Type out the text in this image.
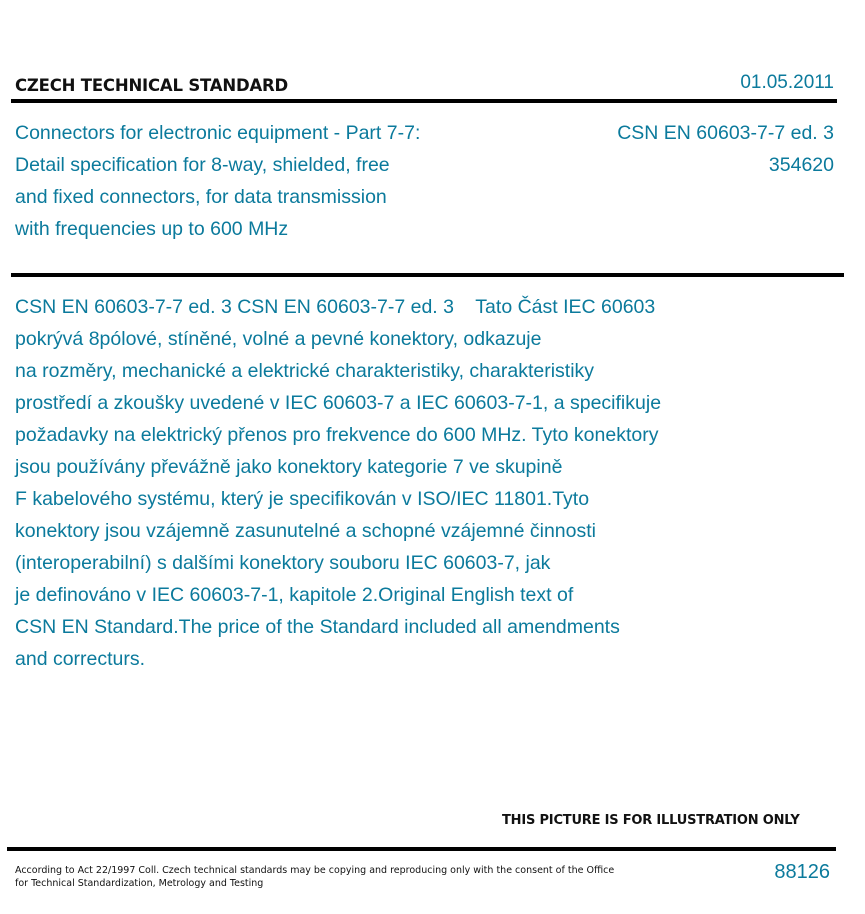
CZECH TECHNICAL STANDARD	01.05.2011
Connectors for electronic equipment - Part 7-7:
Detail specification for 8-way, shielded, free
and fixed connectors, for data transmission
with frequencies up to 600 MHz
CSN EN 60603-7-7 ed. 3
354620
CSN EN 60603-7-7 ed. 3 CSN EN 60603-7-7 ed. 3    Tato Část IEC 60603
pokrývá 8pólové, stíněné, volné a pevné konektory, odkazuje
na rozměry, mechanické a elektrické charakteristiky, charakteristiky
prostředí a zkoušky uvedené v IEC 60603-7 a IEC 60603-7-1, a specifikuje
požadavky na elektrický přenos pro frekvence do 600 MHz. Tyto konektory
jsou používány převážně jako konektory kategorie 7 ve skupině
F kabelového systému, který je specifikován v ISO/IEC 11801.Tyto
konektory jsou vzájemně zasunutelné a schopné vzájemné činnosti
(interoperabilní) s dalšími konektory souboru IEC 60603-7, jak
je definováno v IEC 60603-7-1, kapitole 2.Original English text of
CSN EN Standard.The price of the Standard included all amendments
and correcturs.
THIS PICTURE IS FOR ILLUSTRATION ONLY
According to Act 22/1997 Coll. Czech technical standards may be copying and reproducing only with the consent of the Office
for Technical Standardization, Metrology and Testing
88126
